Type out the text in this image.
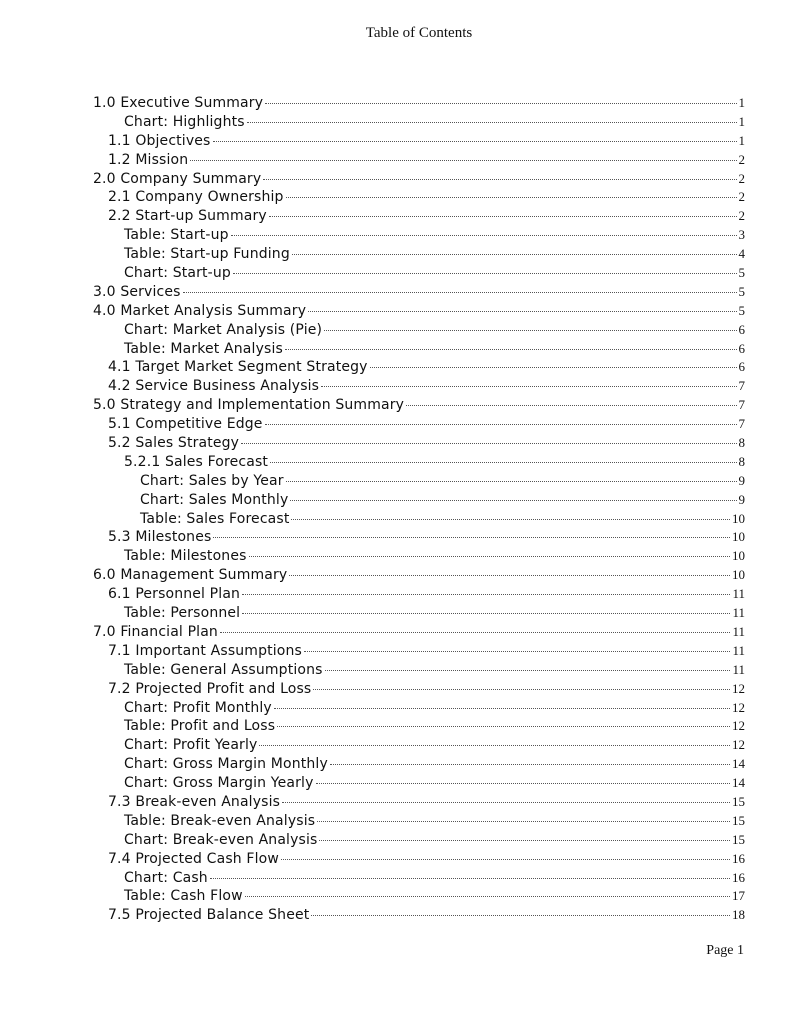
Table of Contents
1.0 Executive Summary	1
Chart: Highlights	1
1.1 Objectives	1
1.2 Mission	2
2.0 Company Summary	2
2.1 Company Ownership	2
2.2 Start-up Summary	2
Table: Start-up	3
Table: Start-up Funding	4
Chart: Start-up	5
3.0 Services	5
4.0 Market Analysis Summary	5
Chart: Market Analysis (Pie)	6
Table: Market Analysis	6
4.1 Target Market Segment Strategy	6
4.2 Service Business Analysis	7
5.0 Strategy and Implementation Summary	7
5.1 Competitive Edge	7
5.2 Sales Strategy	8
5.2.1 Sales Forecast	8
Chart: Sales by Year	9
Chart: Sales Monthly	9
Table: Sales Forecast	10
5.3 Milestones	10
Table: Milestones	10
6.0 Management Summary	10
6.1 Personnel Plan	11
Table: Personnel	11
7.0 Financial Plan	11
7.1 Important Assumptions	11
Table: General Assumptions	11
7.2 Projected Profit and Loss	12
Chart: Profit Monthly	12
Table: Profit and Loss	12
Chart: Profit Yearly	12
Chart: Gross Margin Monthly	14
Chart: Gross Margin Yearly	14
7.3 Break-even Analysis	15
Table: Break-even Analysis	15
Chart: Break-even Analysis	15
7.4 Projected Cash Flow	16
Chart: Cash	16
Table: Cash Flow	17
7.5 Projected Balance Sheet	18
Page 1
